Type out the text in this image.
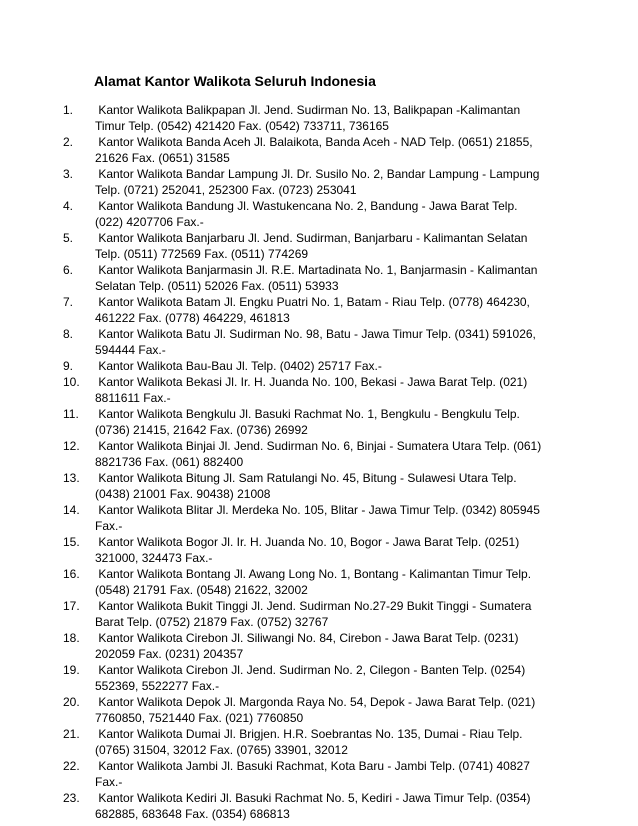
Alamat Kantor Walikota Seluruh Indonesia
1. Kantor Walikota Balikpapan Jl. Jend. Sudirman No. 13, Balikpapan -Kalimantan
Timur Telp. (0542) 421420 Fax. (0542) 733711, 736165
2. Kantor Walikota Banda Aceh Jl. Balaikota, Banda Aceh - NAD Telp. (0651) 21855,
21626 Fax. (0651) 31585
3. Kantor Walikota Bandar Lampung Jl. Dr. Susilo No. 2, Bandar Lampung - Lampung
Telp. (0721) 252041, 252300 Fax. (0723) 253041
4. Kantor Walikota Bandung Jl. Wastukencana No. 2, Bandung - Jawa Barat Telp.
(022) 4207706 Fax.-
5. Kantor Walikota Banjarbaru Jl. Jend. Sudirman, Banjarbaru - Kalimantan Selatan
Telp. (0511) 772569 Fax. (0511) 774269
6. Kantor Walikota Banjarmasin Jl. R.E. Martadinata No. 1, Banjarmasin - Kalimantan
Selatan Telp. (0511) 52026 Fax. (0511) 53933
7. Kantor Walikota Batam Jl. Engku Puatri No. 1, Batam - Riau Telp. (0778) 464230,
461222 Fax. (0778) 464229, 461813
8. Kantor Walikota Batu Jl. Sudirman No. 98, Batu - Jawa Timur Telp. (0341) 591026,
594444 Fax.-
9. Kantor Walikota Bau-Bau Jl. Telp. (0402) 25717 Fax.-
10. Kantor Walikota Bekasi Jl. Ir. H. Juanda No. 100, Bekasi - Jawa Barat Telp. (021)
8811611 Fax.-
11. Kantor Walikota Bengkulu Jl. Basuki Rachmat No. 1, Bengkulu - Bengkulu Telp.
(0736) 21415, 21642 Fax. (0736) 26992
12. Kantor Walikota Binjai Jl. Jend. Sudirman No. 6, Binjai - Sumatera Utara Telp. (061)
8821736 Fax. (061) 882400
13. Kantor Walikota Bitung Jl. Sam Ratulangi No. 45, Bitung - Sulawesi Utara Telp.
(0438) 21001 Fax. 90438) 21008
14. Kantor Walikota Blitar Jl. Merdeka No. 105, Blitar - Jawa Timur Telp. (0342) 805945
Fax.-
15. Kantor Walikota Bogor Jl. Ir. H. Juanda No. 10, Bogor - Jawa Barat Telp. (0251)
321000, 324473 Fax.-
16. Kantor Walikota Bontang Jl. Awang Long No. 1, Bontang - Kalimantan Timur Telp.
(0548) 21791 Fax. (0548) 21622, 32002
17. Kantor Walikota Bukit Tinggi Jl. Jend. Sudirman No.27-29 Bukit Tinggi - Sumatera
Barat Telp. (0752) 21879 Fax. (0752) 32767
18. Kantor Walikota Cirebon Jl. Siliwangi No. 84, Cirebon - Jawa Barat Telp. (0231)
202059 Fax. (0231) 204357
19. Kantor Walikota Cirebon Jl. Jend. Sudirman No. 2, Cilegon - Banten Telp. (0254)
552369, 5522277 Fax.-
20. Kantor Walikota Depok Jl. Margonda Raya No. 54, Depok - Jawa Barat Telp. (021)
7760850, 7521440 Fax. (021) 7760850
21. Kantor Walikota Dumai Jl. Brigjen. H.R. Soebrantas No. 135, Dumai - Riau Telp.
(0765) 31504, 32012 Fax. (0765) 33901, 32012
22. Kantor Walikota Jambi Jl. Basuki Rachmat, Kota Baru - Jambi Telp. (0741) 40827
Fax.-
23. Kantor Walikota Kediri Jl. Basuki Rachmat No. 5, Kediri - Jawa Timur Telp. (0354)
682885, 683648 Fax. (0354) 686813
